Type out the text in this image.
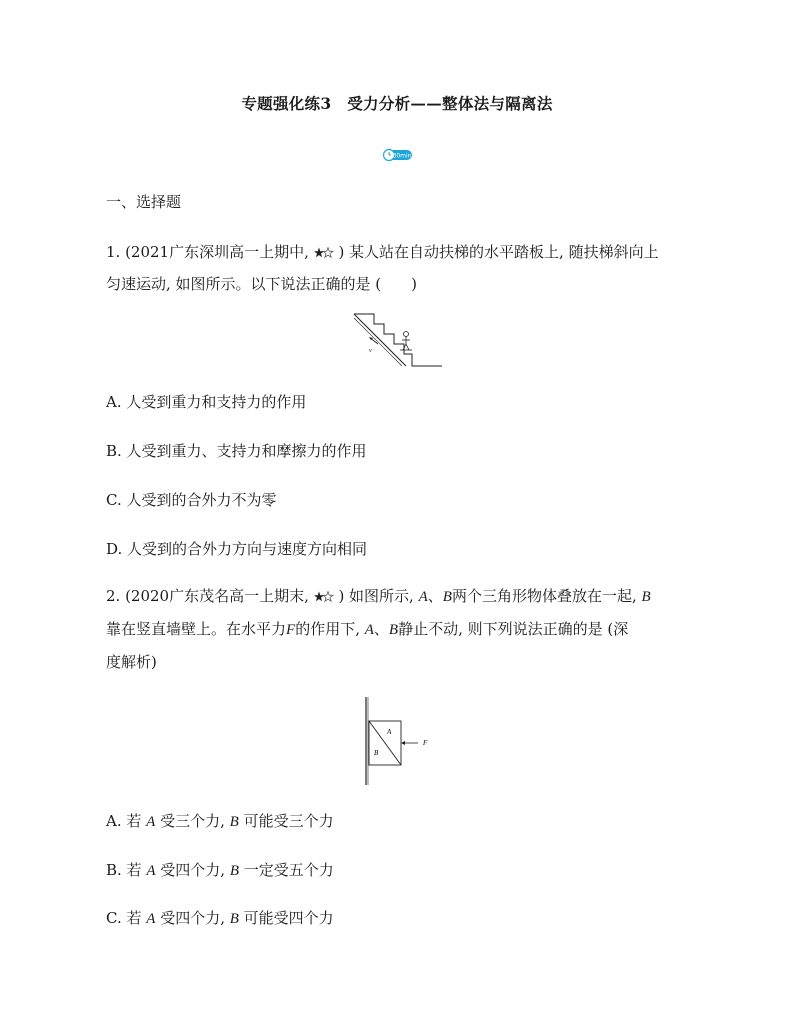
专题强化练3　受力分析——整体法与隔离法
30min
一、选择题
1. (2021广东深圳高一上期中, ) 某人站在自动扶梯的水平踏板上, 随扶梯斜向上
匀速运动, 如图所示。以下说法正确的是 (　　)
v
A. 人受到重力和支持力的作用
B. 人受到重力、支持力和摩擦力的作用
C. 人受到的合外力不为零
D. 人受到的合外力方向与速度方向相同
2. (2020广东茂名高一上期末, ) 如图所示, A、B两个三角形物体叠放在一起, B
靠在竖直墙壁上。在水平力F的作用下, A、B静止不动, 则下列说法正确的是 (深
度解析)
A
B
F
A. 若 A 受三个力, B 可能受三个力
B. 若 A 受四个力, B 一定受五个力
C. 若 A 受四个力, B 可能受四个力
